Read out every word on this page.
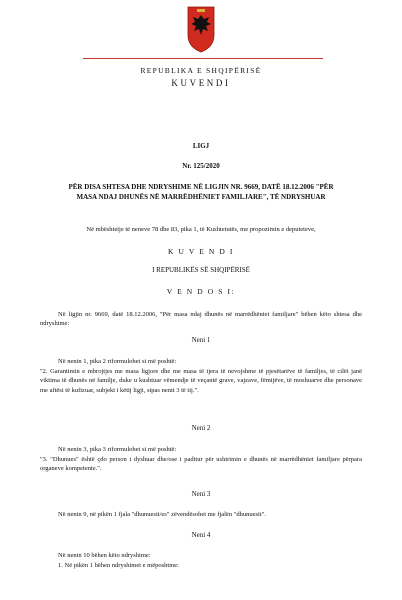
REPUBLIKA E SHQIPËRISË
KUVENDI
LIGJ
Nr. 125/2020
PËR DISA SHTESA DHE NDRYSHIME NË LIGJIN NR. 9669, DATË 18.12.2006 "PËR MASA NDAJ DHUNËS NË MARRËDHËNIET FAMILJARE", TË NDRYSHUAR
Në mbështetje të neneve 78 dhe 83, pika 1, të Kushtetutës, me propozimin e deputeteve,
K U V E N D I
I REPUBLIKËS SË SHQIPËRISË
V E N D O S I:
Në ligjin nr. 9669, datë 18.12.2006, "Për masa ndaj dhunës në marrëdhëniet familjare" bëhen këto shtesa dhe ndryshime:
Neni 1
Në nenin 1, pika 2 riformulohet si më poshtë:
"2. Garantimin e mbrojtjes me masa ligjore dhe me masa të tjera të nevojshme të pjesëtarëve të familjes, të cilët janë viktima të dhunës në familje, duke u kushtuar vëmendje të veçantë grave, vajzave, fëmijëve, të moshuarve dhe personave me aftësi të kufizuar, subjekt i këtij ligji, sipas nenit 3 të tij.".
Neni 2
Në nenin 3, pika 3 riformulohet si më poshtë:
"3. "Dhunues" është çdo person i dyshuar dhe/ose i paditur për ushtrimin e dhunës në marrëdhëniet familjare përpara organeve kompetente.".
Neni 3
Në nenin 9, në pikën 1 fjala "dhunuesit/es" zëvendësohet me fjalën "dhunuesit".
Neni 4
Në nenin 10 bëhen këto ndryshime:
1. Në pikën 1 bëhen ndryshimet e mëposhtme:
